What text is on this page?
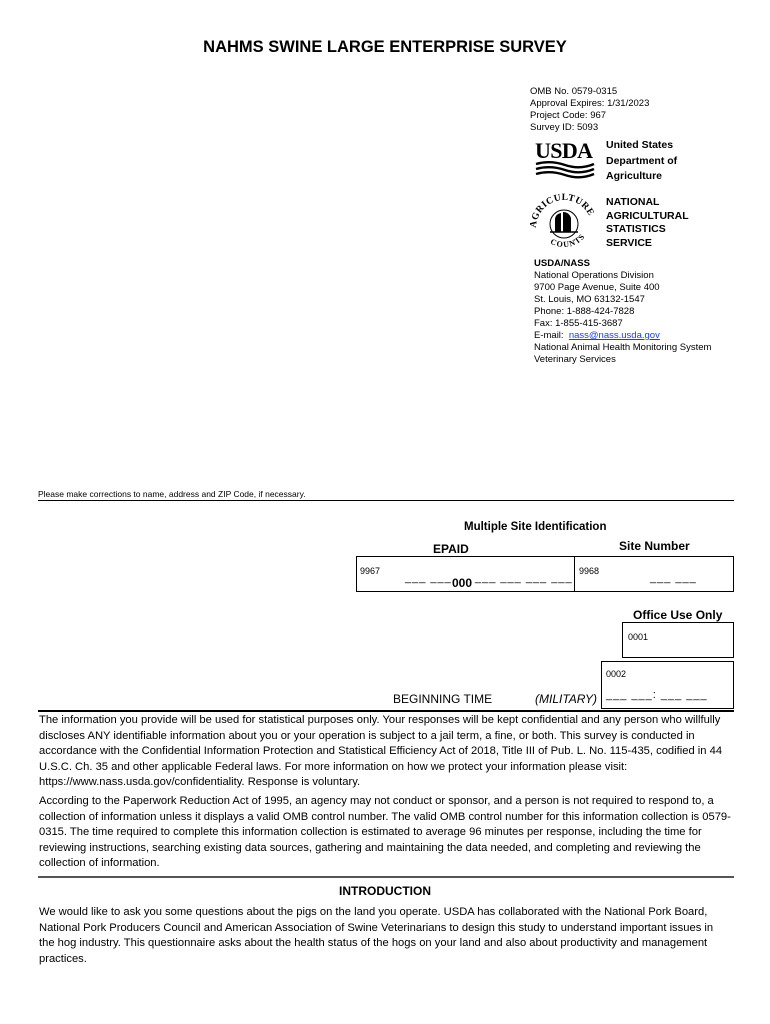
NAHMS SWINE LARGE ENTERPRISE SURVEY
OMB No. 0579-0315
Approval Expires: 1/31/2023
Project Code: 967
Survey ID: 5093
USDA United States
Department of
Agriculture
AGRICULTURE
COUNTS
NATIONAL
AGRICULTURAL
STATISTICS
SERVICE
USDA/NASS
National Operations Division
9700 Page Avenue, Suite 400
St. Louis, MO 63132-1547
Phone: 1-888-424-7828
Fax: 1-855-415-3687
E-mail:  nass@nass.usda.gov
National Animal Health Monitoring System
Veterinary Services
Please make corrections to name, address and ZIP Code, if necessary.
Multiple Site Identification
EPAID	Site Number
9967
___ ___ 000 ___ ___ ___ ___
9968
___ ___
Office Use Only
0001
0002
___ ___: ___ ___
BEGINNING TIME	(MILITARY)
The information you provide will be used for statistical purposes only. Your responses will be kept confidential and any person who willfully discloses ANY identifiable information about you or your operation is subject to a jail term, a fine, or both. This survey is conducted in accordance with the Confidential Information Protection and Statistical Efficiency Act of 2018, Title III of Pub. L. No. 115-435, codified in 44 U.S.C. Ch. 35 and other applicable Federal laws. For more information on how we protect your information please visit: https://www.nass.usda.gov/confidentiality. Response is voluntary.
According to the Paperwork Reduction Act of 1995, an agency may not conduct or sponsor, and a person is not required to respond to, a collection of information unless it displays a valid OMB control number. The valid OMB control number for this information collection is 0579-0315. The time required to complete this information collection is estimated to average 96 minutes per response, including the time for reviewing instructions, searching existing data sources, gathering and maintaining the data needed, and completing and reviewing the collection of information.
INTRODUCTION
We would like to ask you some questions about the pigs on the land you operate. USDA has collaborated with the National Pork Board, National Pork Producers Council and American Association of Swine Veterinarians to design this study to understand important issues in the hog industry. This questionnaire asks about the health status of the hogs on your land and also about productivity and management practices.
